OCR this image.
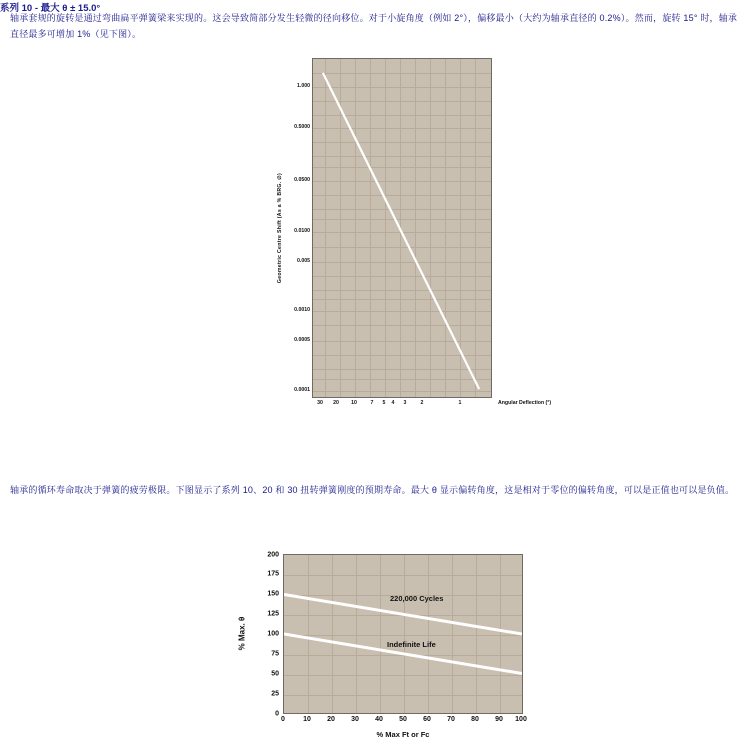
轴承套规的旋转是通过弯曲扁平弹簧梁来实现的。这会导致简部分发生轻微的径向移位。对于小旋角度（例如 2°），偏移最小（大约为轴承直径的 0.2%）。然而，旋转 15° 时，轴承直径最多可增加 1%（见下图）。
Geometric Centre Shift (As a % BRG. ∅)
1.000
0.5000
0.0500
0.0100
0.005
0.0010
0.0005
0.0001
30 20 10	7 5 4 3	2	1	Angular Deflection (°)
轴承的循环寿命取决于弹簧的疲劳极限。下图显示了系列 10、20 和 30 扭转弹簧刚度的预期寿命。最大 θ 显示偏转角度，这是相对于零位的偏转角度，可以是正值也可以是负值。
系列 10 - 最大 θ ± 15.0°
% Max. θ
0
25
50
75
100
125
150
175
200
220,000 Cycles
Indefinite Life
0	10 20 30 40 50 60 70 80 90 100
% Max Ft or Fc
